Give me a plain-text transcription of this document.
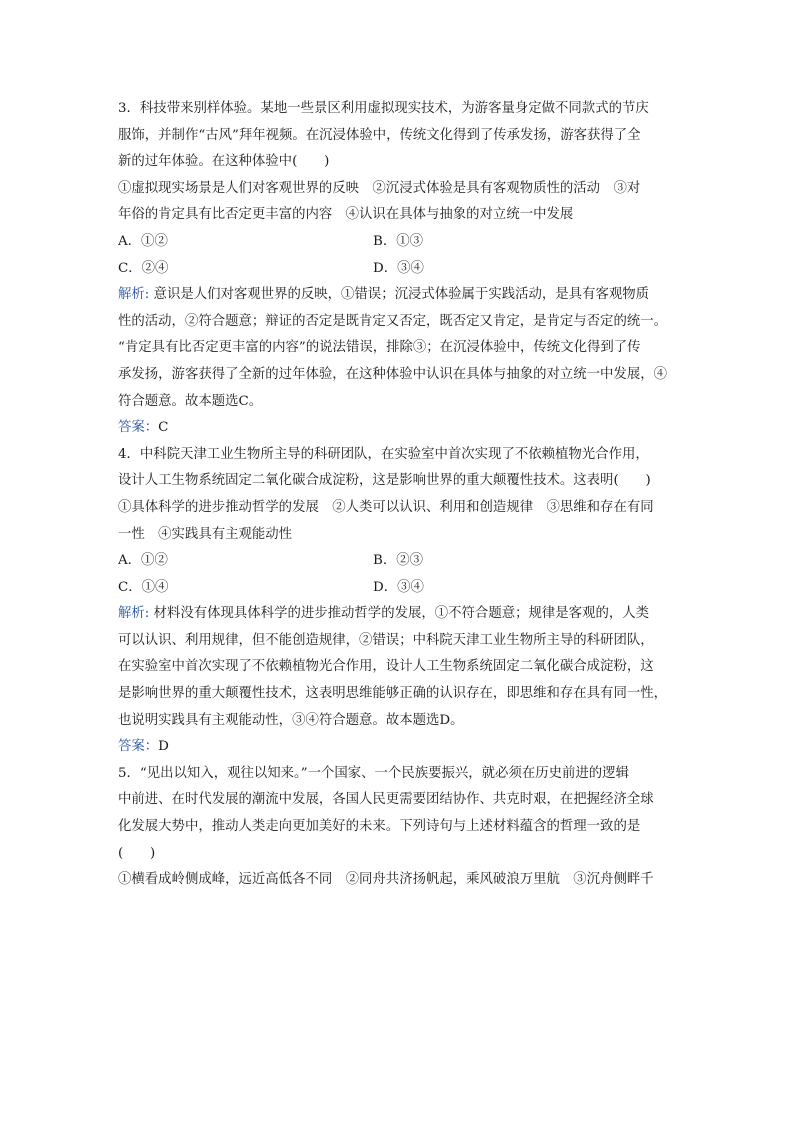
3．科技带来别样体验。某地一些景区利用虚拟现实技术，为游客量身定做不同款式的节庆
服饰，并制作“古风”拜年视频。在沉浸体验中，传统文化得到了传承发扬，游客获得了全
新的过年体验。在这种体验中(　　)
①虚拟现实场景是人们对客观世界的反映　②沉浸式体验是具有客观物质性的活动　③对
年俗的肯定具有比否定更丰富的内容　④认识在具体与抽象的对立统一中发展
A．①②	B．①③
C．②④	D．③④
解析: 意识是人们对客观世界的反映，①错误；沉浸式体验属于实践活动，是具有客观物质
性的活动，②符合题意；辩证的否定是既肯定又否定，既否定又肯定，是肯定与否定的统一。
“肯定具有比否定更丰富的内容”的说法错误，排除③；在沉浸体验中，传统文化得到了传
承发扬，游客获得了全新的过年体验，在这种体验中认识在具体与抽象的对立统一中发展，④
符合题意。故本题选C。
答案：C
4．中科院天津工业生物所主导的科研团队，在实验室中首次实现了不依赖植物光合作用，
设计人工生物系统固定二氧化碳合成淀粉，这是影响世界的重大颠覆性技术。这表明(　　)
①具体科学的进步推动哲学的发展　②人类可以认识、利用和创造规律　③思维和存在有同
一性　④实践具有主观能动性
A．①②	B．②③
C．①④	D．③④
解析: 材料没有体现具体科学的进步推动哲学的发展，①不符合题意；规律是客观的，人类
可以认识、利用规律，但不能创造规律，②错误；中科院天津工业生物所主导的科研团队，
在实验室中首次实现了不依赖植物光合作用，设计人工生物系统固定二氧化碳合成淀粉，这
是影响世界的重大颠覆性技术，这表明思维能够正确的认识存在，即思维和存在具有同一性，
也说明实践具有主观能动性，③④符合题意。故本题选D。
答案：D
5．“见出以知入，观往以知来。”一个国家、一个民族要振兴，就必须在历史前进的逻辑
中前进、在时代发展的潮流中发展，各国人民更需要团结协作、共克时艰，在把握经济全球
化发展大势中，推动人类走向更加美好的未来。下列诗句与上述材料蕴含的哲理一致的是
(　　)
①横看成岭侧成峰，远近高低各不同　②同舟共济扬帆起，乘风破浪万里航　③沉舟侧畔千
